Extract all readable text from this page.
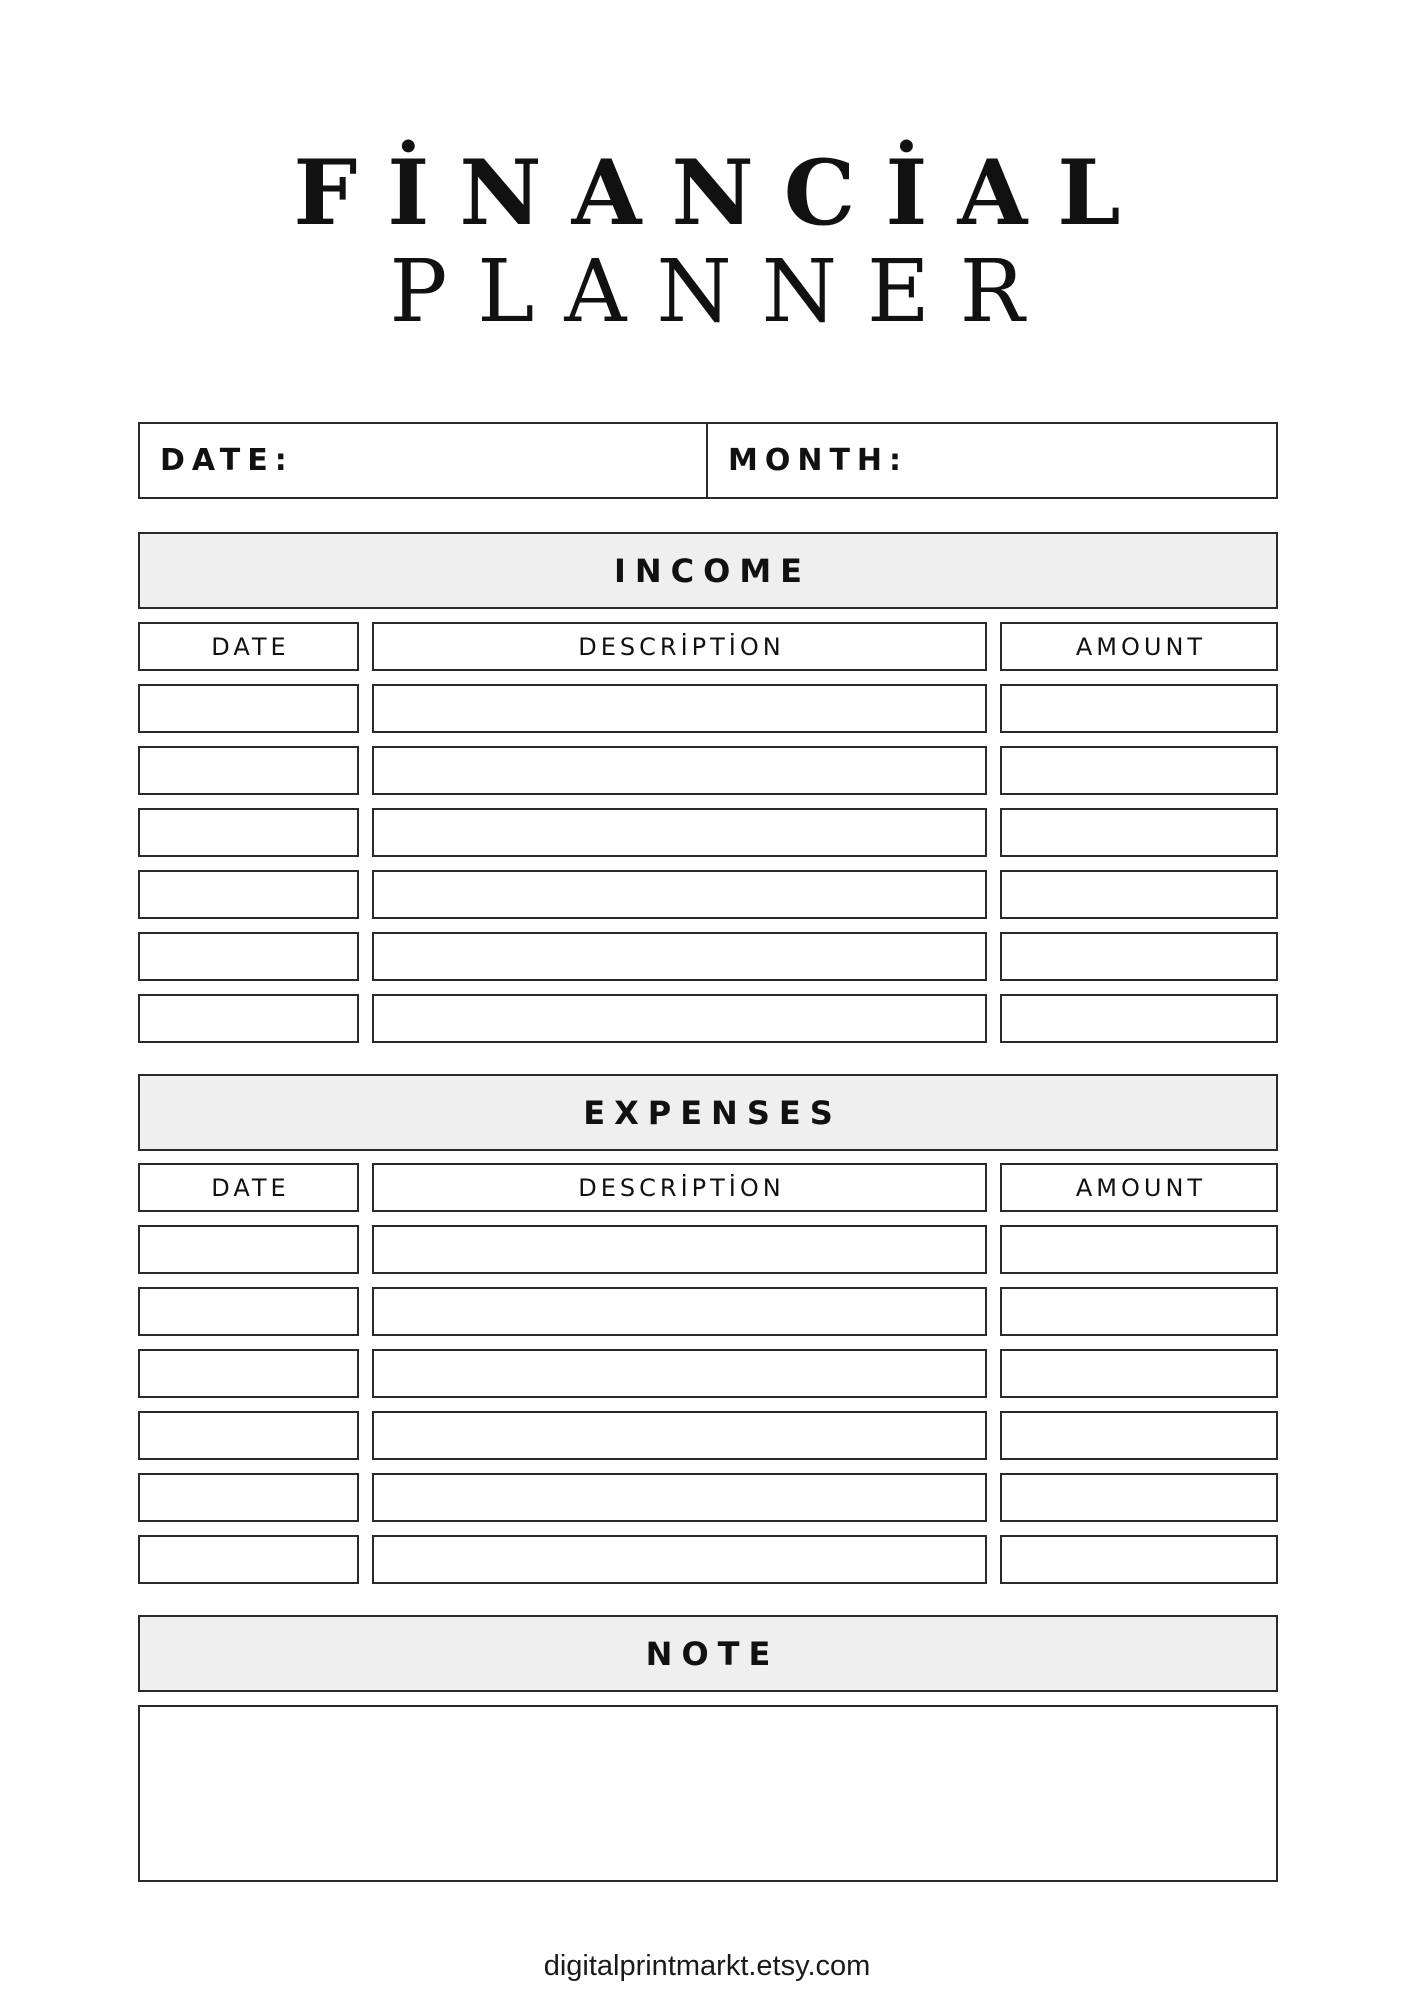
FİNANCİAL
PLANNER
DATE:	MONTH:
INCOME
DATE	DESCRİPTİON	AMOUNT
EXPENSES
DATE	DESCRİPTİON	AMOUNT
NOTE
digitalprintmarkt.etsy.com
